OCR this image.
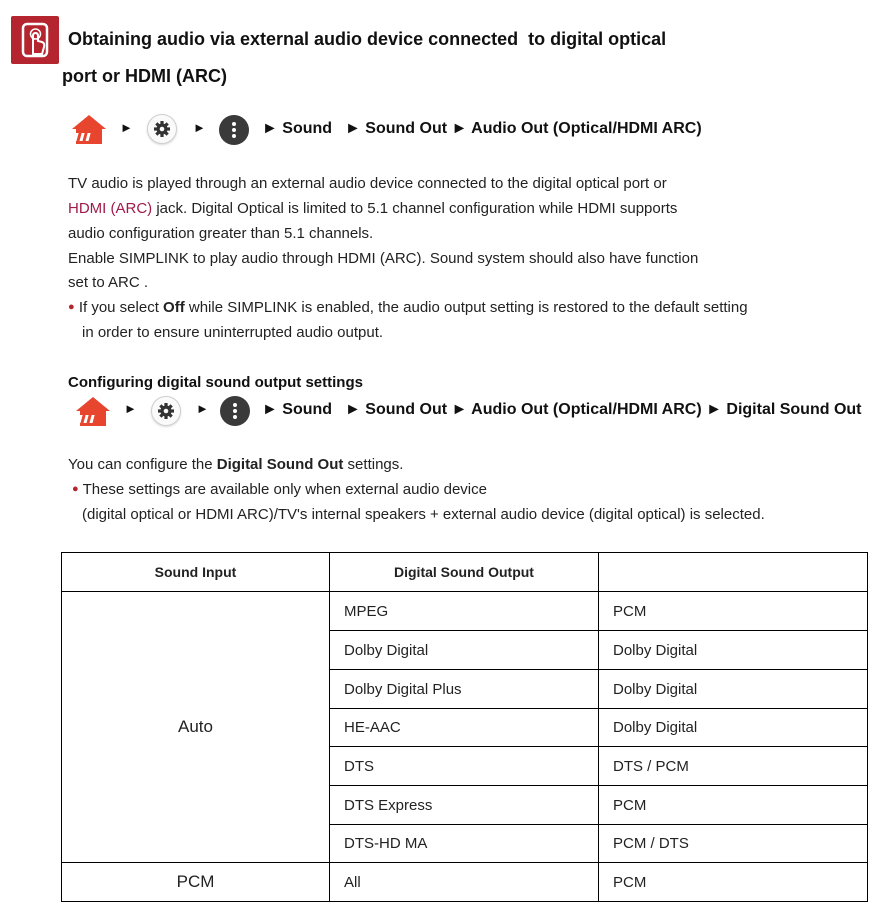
Obtaining audio via external audio device connected  to digital optical
port or HDMI (ARC)
►	►	► Sound ► Sound Out ► Audio Out (Optical/HDMI ARC)
TV audio is played through an external audio device connected to the digital optical port or
HDMI (ARC) jack. Digital Optical is limited to 5.1 channel configuration while HDMI supports
audio configuration greater than 5.1 channels.
Enable SIMPLINK to play audio through HDMI (ARC). Sound system should also have function
set to ARC .
● If you select Off while SIMPLINK is enabled, the audio output setting is restored to the default setting
in order to ensure uninterrupted audio output.
Configuring digital sound output settings
►	►	► Sound ► Sound Out ► Audio Out (Optical/HDMI ARC) ► Digital Sound Out
You can configure the Digital Sound Out settings.
● These settings are available only when external audio device
(digital optical or HDMI ARC)/TV's internal speakers + external audio device (digital optical) is selected.
Sound Input	Digital Sound Output	
Auto	MPEG	PCM
	Dolby Digital	Dolby Digital
	Dolby Digital Plus	Dolby Digital
	HE-AAC	Dolby Digital
	DTS	DTS / PCM
	DTS Express	PCM
	DTS-HD MA	PCM / DTS
PCM	All	PCM
